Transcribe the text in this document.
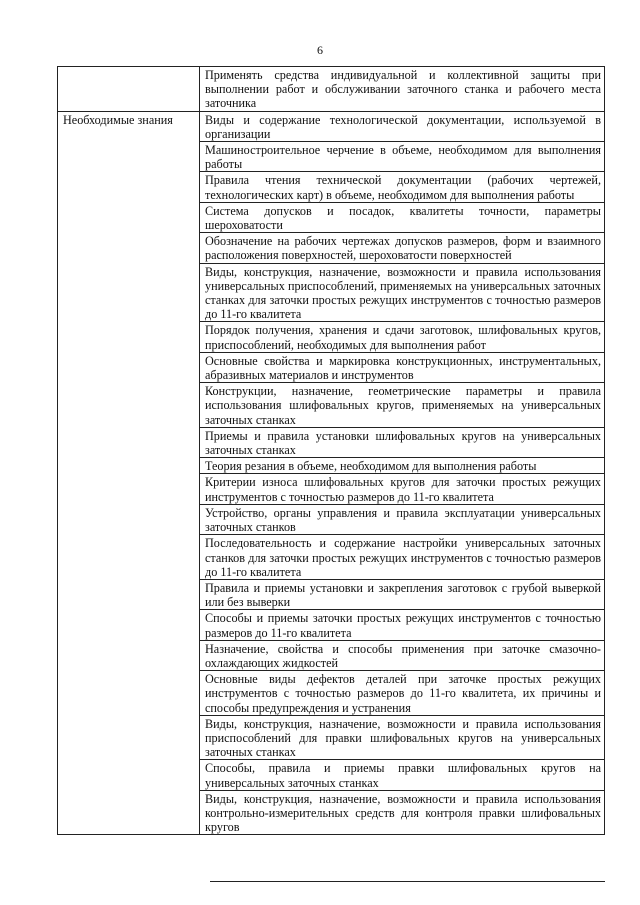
6
	Применять средства индивидуальной и коллективной защиты при выполнении работ и обслуживании заточного станка и рабочего места заточника
Необходимые знания	Виды и содержание технологической документации, используемой в организации
	Машиностроительное черчение в объеме, необходимом для выполнения работы
	Правила чтения технической документации (рабочих чертежей, технологических карт) в объеме, необходимом для выполнения работы
	Система допусков и посадок, квалитеты точности, параметры шероховатости
	Обозначение на рабочих чертежах допусков размеров, форм и взаимного расположения поверхностей, шероховатости поверхностей
	Виды, конструкция, назначение, возможности и правила использования универсальных приспособлений, применяемых на универсальных заточных станках для заточки простых режущих инструментов с точностью размеров до 11-го квалитета
	Порядок получения, хранения и сдачи заготовок, шлифовальных кругов, приспособлений, необходимых для выполнения работ
	Основные свойства и маркировка конструкционных, инструментальных, абразивных материалов и инструментов
	Конструкции, назначение, геометрические параметры и правила использования шлифовальных кругов, применяемых на универсальных заточных станках
	Приемы и правила установки шлифовальных кругов на универсальных заточных станках
	Теория резания в объеме, необходимом для выполнения работы
	Критерии износа шлифовальных кругов для заточки простых режущих инструментов с точностью размеров до 11-го квалитета
	Устройство, органы управления и правила эксплуатации универсальных заточных станков
	Последовательность и содержание настройки универсальных заточных станков для заточки простых режущих инструментов с точностью размеров до 11-го квалитета
	Правила и приемы установки и закрепления заготовок с грубой выверкой или без выверки
	Способы и приемы заточки простых режущих инструментов с точностью размеров до 11-го квалитета
	Назначение, свойства и способы применения при заточке смазочно-охлаждающих жидкостей
	Основные виды дефектов деталей при заточке простых режущих инструментов с точностью размеров до 11-го квалитета, их причины и способы предупреждения и устранения
	Виды, конструкция, назначение, возможности и правила использования приспособлений для правки шлифовальных кругов на универсальных заточных станках
	Способы, правила и приемы правки шлифовальных кругов на универсальных заточных станках
	Виды, конструкция, назначение, возможности и правила использования контрольно-измерительных средств для контроля правки шлифовальных кругов
